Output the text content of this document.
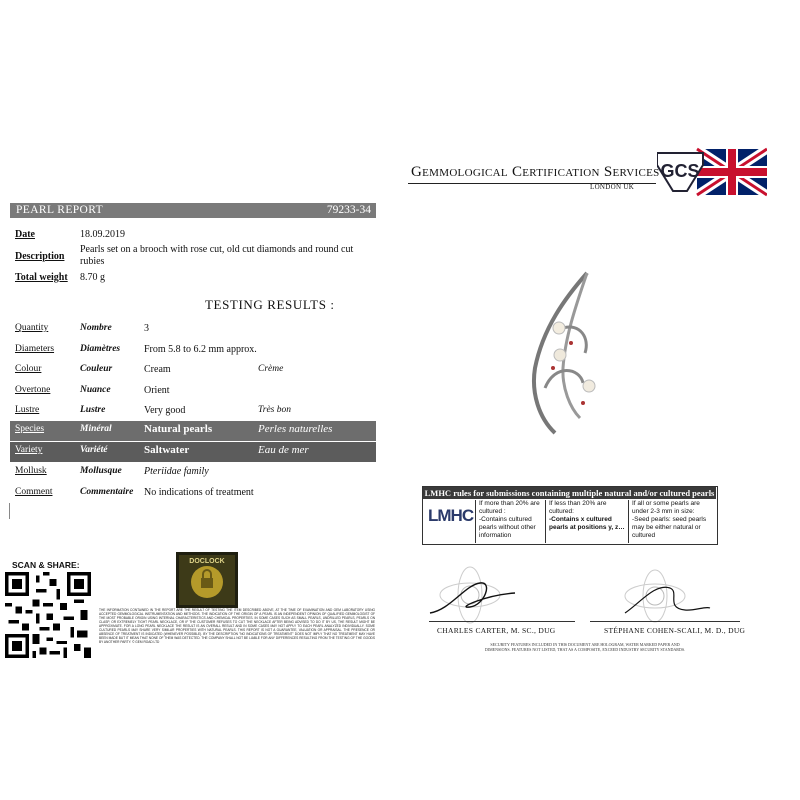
Gemmological Certification Services
LONDON UK
GCS
PEARL REPORT	79233-34
Date	18.09.2019
Description
Pearls set on a brooch with rose cut, old cut diamonds and round cut rubies
Total weight 8.70 g
TESTING RESULTS :
Quantity	Nombre	3
Diameters	Diamètres From 5.8 to 6.2 mm approx.
Colour	Couleur	Cream	Crème
Overtone	Nuance	Orient
Lustre	Lustre	Very good	Très bon
Species	Minéral	Natural pearls	Perles naturelles
Variety	Variété	Saltwater	Eau de mer
Mollusk	Mollusque Pteriidae family
Comment	Commentaire No indications of treatment
SCAN & SHARE:	DOCLOCK
THE INFORMATION CONTAINED IN THE REPORT ARE THE RESULT OF TESTING THE ITEM DESCRIBED ABOVE, AT THE TIME OF EXAMINATION AND GEM LABORATORY USING ACCEPTED GEMMOLOGICAL INSTRUMENTATION AND METHODS. THE INDICATION OF THE ORIGIN OF A PEARL IS AN INDEPENDENT OPINION OF QUALIFIED GEMMOLOGIST OF THE MOST PROBABLE ORIGIN USING INTERNAL CHARACTERISTICS AND CHEMICAL PROPERTIES. IN SOME CASES SUCH AS SMALL PEARLS, UNDRILLED PEARLS, PEARLS ON CLASP, OR EXTREMELY TIGHT PEARL NECKLACE, OR IF THE CUSTOMER REFUSES TO CUT THE NECKLACE AFTER BEING ADVISED TO DO IT BY US, THE RESULT MIGHT BE APPROXIMATE. FOR A LONG PEARL NECKLACE THE RESULT IS AN OVERALL RESULT AND IN SOME CASES MAY NOT APPLY TO EACH PEARL ANALYZED INDIVIDUALLY. SOME CULTURED PEARLS MAY SHARE VERY SIMILAR PROPERTIES WITH NATURAL PEARLS. THIS REPORT IS NOT A GUARANTEE, VALUATION OR APPRAISAL. THE PRESENCE OR ABSENCE OF TREATMENT IS INDICATED (WHENEVER POSSIBLE). BY THE DESCRIPTION "NO INDICATIONS OF TREATMENT" DOES NOT IMPLY THAT NO TREATMENT MAY HAVE BEEN MADE BUT IT MEAN THAT NONE OF THEM WAS DETECTED. THE COMPANY SHALL NOT BE LIABLE FOR ANY DIFFERENCES RESULTING FROM THE TESTING OF THE GOODS BY ANOTHER PARTY. © GEM ROAD LTD
LMHC rules for submissions containing multiple natural and/or cultured pearls
LMHC
If more than 20% are cultured :
-Contains cultured pearls without other information
If less than 20% are cultured:
-Contains x cultured pearls at positions y, z…
If all or some pearls are under 2-3 mm in size:
-Seed pearls: seed pearls may be either natural or cultured
CHARLES CARTER, M. SC., DUG	STÉPHANE COHEN-SCALI, M. D., DUG
SECURITY FEATURES INCLUDED IN THIS DOCUMENT ARE HOLOGRAM, WATER MARKED PAPER AND DIMENSIONS. FEATURES NOT LISTED, THAT AS A COMPOSITE, EXCEED INDUSTRY SECURITY STANDARDS.
